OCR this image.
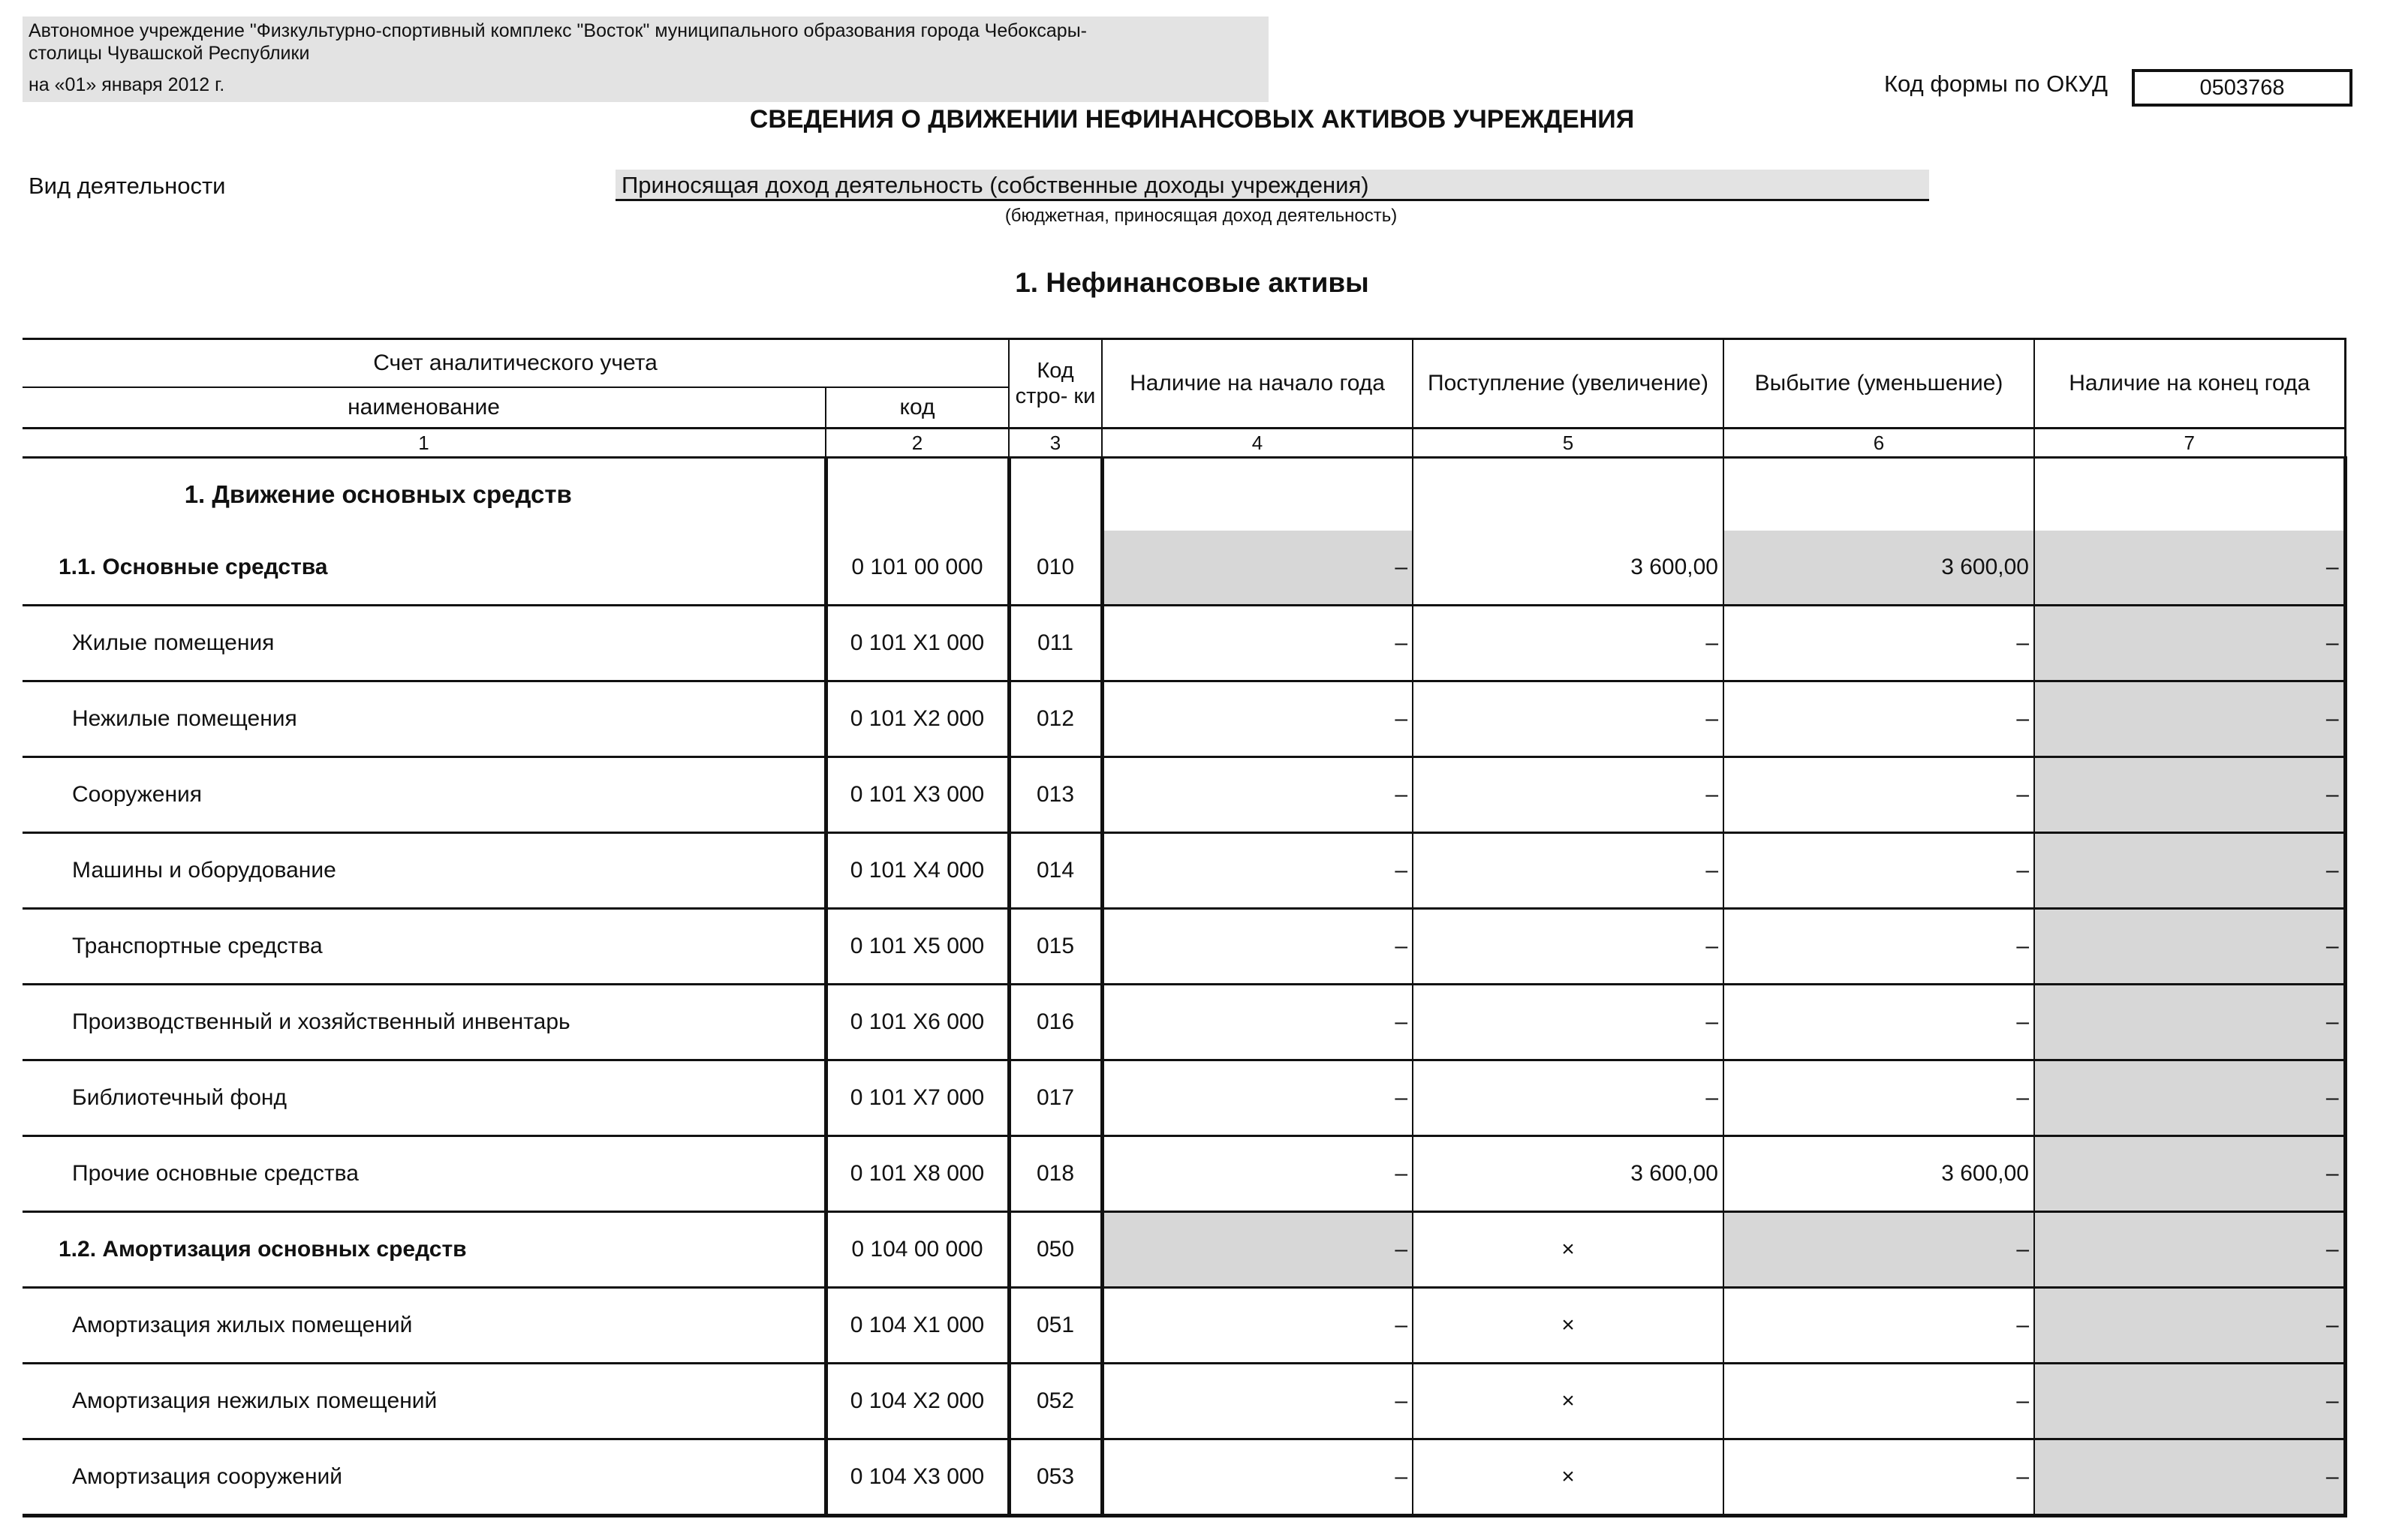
Автономное учреждение "Физкультурно-спортивный комплекс "Восток" муниципального образования города Чебоксары-
столицы Чувашской Республики
на «01» января 2012 г.	Код формы по ОКУД	0503768
СВЕДЕНИЯ О ДВИЖЕНИИ НЕФИНАНСОВЫХ АКТИВОВ УЧРЕЖДЕНИЯ
Вид деятельности	Приносящая доход деятельность (собственные доходы учреждения)
(бюджетная, приносящая доход деятельность)
1. Нефинансовые активы
Счет аналитического учета		Код стро- ки	Наличие на начало года	Поступление (увеличение)	Выбытие (уменьшение)	Наличие на конец года
наименование	код					
1	2	3	4	5	6	7
1. Движение основных средств						
1.1. Основные средства	0 101 00 000	010	–	3 600,00	3 600,00	–
Жилые помещения	0 101 Х1 000	011	–	–	–	–
Нежилые помещения	0 101 Х2 000	012	–	–	–	–
Сооружения	0 101 Х3 000	013	–	–	–	–
Машины и оборудование	0 101 Х4 000	014	–	–	–	–
Транспортные средства	0 101 Х5 000	015	–	–	–	–
Производственный и хозяйственный инвентарь	0 101 Х6 000	016	–	–	–	–
Библиотечный фонд	0 101 Х7 000	017	–	–	–	–
Прочие основные средства	0 101 Х8 000	018	–	3 600,00	3 600,00	–
1.2. Амортизация основных средств	0 104 00 000	050	–	×	–	–
Амортизация жилых помещений	0 104 Х1 000	051	–	×	–	–
Амортизация нежилых помещений	0 104 Х2 000	052	–	×	–	–
Амортизация сооружений	0 104 Х3 000	053	–	×	–	–
